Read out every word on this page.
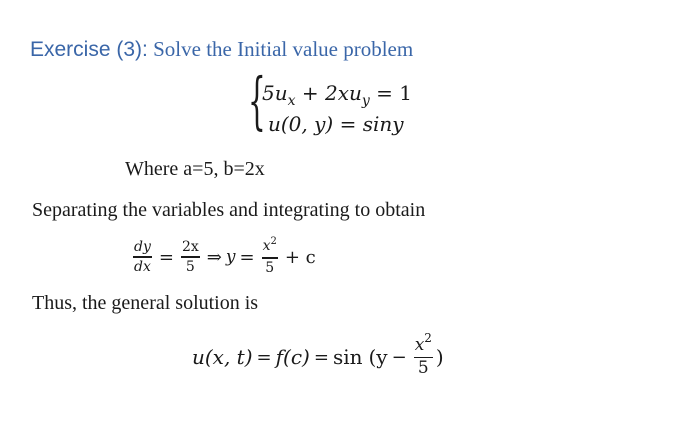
Exercise (3): Solve the Initial value problem
{
$5u_x + 2xu_y = 1$
u(0, y) = siny
Where a=5, b=2x
Separating the variables and integrating to obtain
$\frac{dy}{dx} = \frac{2x}{5}$ ⇒ $y = \frac{x^2}{5} + c$
Thus, the general solution is
u(x, $t) = f(c) = \sin (y - \frac{x^2}{5}$ )
